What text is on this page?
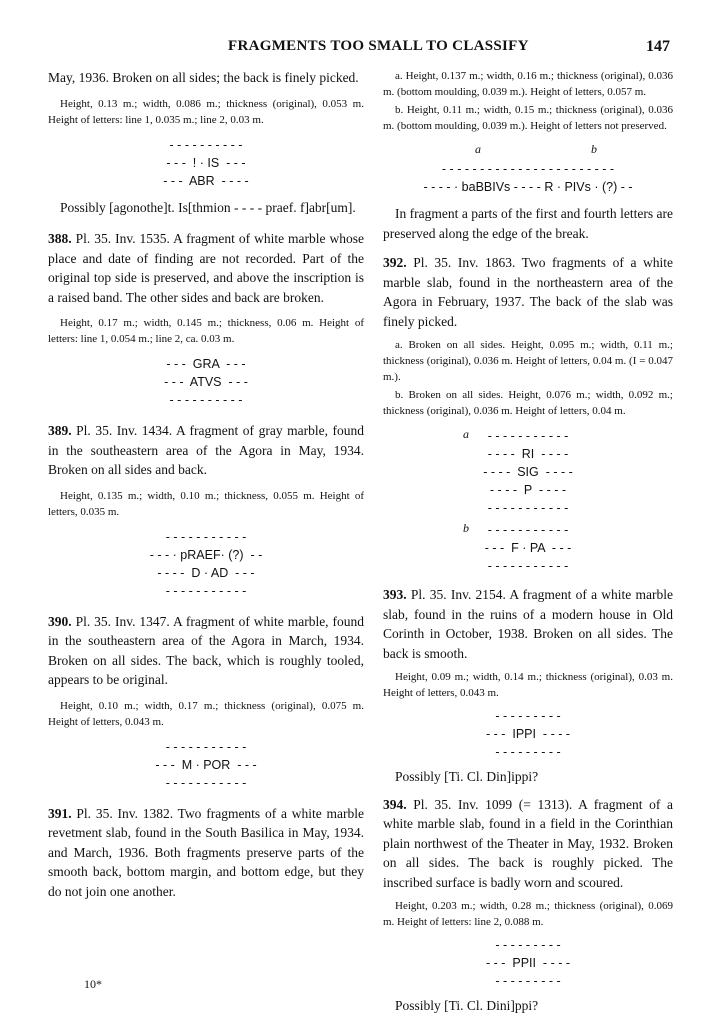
FRAGMENTS TOO SMALL TO CLASSIFY	147

May, 1936. Broken on all sides; the back is finely picked.

Height, 0.13 m.; width, 0.086 m.; thickness (original), 0.053 m. Height of letters: line 1, 0.035 m.; line 2, 0.03 m.

- - - - - - - - - -

- - -  ! · IS  - - -

- - -  ABR  - - - -

Possibly [agonothe]t. Is[thmion - - - - praef. f]abr[um].

388. Pl. 35. Inv. 1535. A fragment of white marble whose place and date of finding are not recorded. Part of the original top side is preserved, and above the inscription is a raised band. The other sides and back are broken.

Height, 0.17 m.; width, 0.145 m.; thickness, 0.06 m. Height of letters: line 1, 0.054 m.; line 2, ca. 0.03 m.

- - -  GRA  - - -

- - -  ATVS  - - -

- - - - - - - - - -

389. Pl. 35. Inv. 1434. A fragment of gray marble, found in the southeastern area of the Agora in May, 1934. Broken on all sides and back.

Height, 0.135 m.; width, 0.10 m.; thickness, 0.055 m. Height of letters, 0.035 m.

- - - - - - - - - - -

- - - · pRAEF· (?)  - -

- - - -  D · AD  - - -

- - - - - - - - - - -

390. Pl. 35. Inv. 1347. A fragment of white marble, found in the southeastern area of the Agora in March, 1934. Broken on all sides. The back, which is roughly tooled, appears to be original.

Height, 0.10 m.; width, 0.17 m.; thickness (original), 0.075 m. Height of letters, 0.043 m.

- - - - - - - - - - -

- - -  M · POR  - - -

- - - - - - - - - - -

391. Pl. 35. Inv. 1382. Two fragments of a white marble revetment slab, found in the South Basilica in May, 1934. and March, 1936. Both fragments preserve parts of the smooth back, bottom margin, and bottom edge, but they do not join one another.

10*

a. Height, 0.137 m.; width, 0.16 m.; thickness (original), 0.036 m. (bottom moulding, 0.039 m.). Height of letters, 0.057 m.

b. Height, 0.11 m.; width, 0.15 m.; thickness (original), 0.036 m. (bottom moulding, 0.039 m.). Height of letters not preserved.

a	b

- - - - - - - - - - - - - - - - - - - - - - -

- - - - · baBBIVs - - - - R · PIVs · (?) - -

In fragment a parts of the first and fourth letters are preserved along the edge of the break.

392. Pl. 35. Inv. 1863. Two fragments of a white marble slab, found in the northeastern area of the Agora in February, 1937. The back of the slab was finely picked.

a. Broken on all sides. Height, 0.095 m.; width, 0.11 m.; thickness (original), 0.036 m. Height of letters, 0.04 m. (I = 0.047 m.).

b. Broken on all sides. Height, 0.076 m.; width, 0.092 m.; thickness (original), 0.036 m. Height of letters, 0.04 m.

a	- - - - - - - - - - -

- - - -  RI  - - - -

- - - -  SIG  - - - -

- - - -  P  - - - -

- - - - - - - - - - -

b	- - - - - - - - - - -

- - -  F · PA  - - -

- - - - - - - - - - -

393. Pl. 35. Inv. 2154. A fragment of a white marble slab, found in the ruins of a modern house in Old Corinth in October, 1938. Broken on all sides. The back is smooth.

Height, 0.09 m.; width, 0.14 m.; thickness (original), 0.03 m. Height of letters, 0.043 m.

- - - - - - - - -

- - -  IPPI  - - - -

- - - - - - - - -

Possibly [Ti. Cl. Din]ippi?

394. Pl. 35. Inv. 1099 (= 1313). A fragment of a white marble slab, found in a field in the Corinthian plain northwest of the Theater in May, 1932. Broken on all sides. The back is roughly picked. The inscribed surface is badly worn and scoured.

Height, 0.203 m.; width, 0.28 m.; thickness (original), 0.069 m. Height of letters: line 2, 0.088 m.

- - - - - - - - -

- - -  PPII  - - - -

- - - - - - - - -

Possibly [Ti. Cl. Dini]ppi?
